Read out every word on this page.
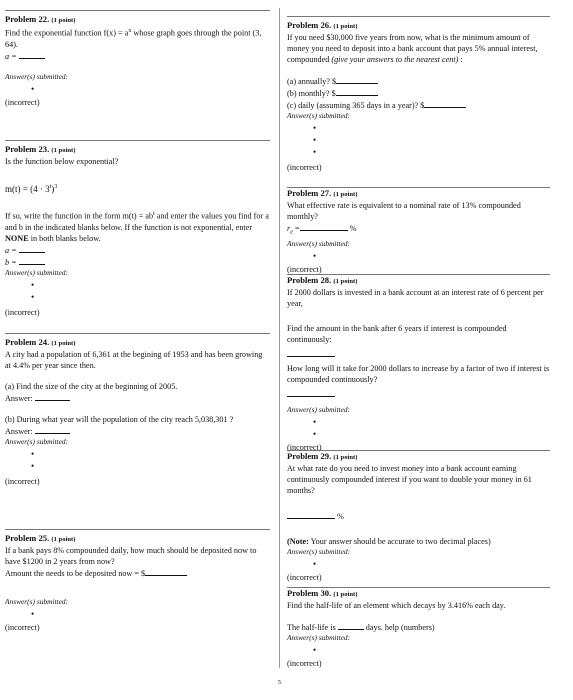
Problem 22. (1 point)

Find the exponential function $f(x) = a^x$ whose graph goes through the point (3, 64).

a =

Answer(s) submitted:

•

(incorrect)

Problem 23. (1 point)

Is the function below exponential?

$m(t) = (4 \cdot 3^t)^3$

If so, write the function in the form $m(t) = ab^t$ and enter the values you find for a and b in the indicated blanks below. If the function is not exponential, enter NONE in both blanks below.

a =

b =

Answer(s) submitted:

•

•

(incorrect)

Problem 24. (1 point)

A city had a population of 6,361 at the begining of 1953 and has been growing at 4.4% per year since then.

(a) Find the size of the city at the beginning of 2005.

Answer:

(b) During what year will the population of the city reach 5,038,301 ?

Answer:

Answer(s) submitted:

•

•

(incorrect)

Problem 25. (1 point)

If a bank pays 8% compounded daily, how much should be deposited now to have $1200 in 2 years from now?

Amount the needs to be deposited now = $

Answer(s) submitted:

•

(incorrect)

Problem 26. (1 point)

If you need $30,000 five years from now, what is the minimum amount of money you need to deposit into a bank account that pays 5% annual interest, compounded (give your answers to the nearest cent) :

(a) annually? $

(b) monthly? $

(c) daily (assuming 365 days in a year)? $

Answer(s) submitted:

•

•

•

(incorrect)

Problem 27. (1 point)

What effective rate is equivalent to a nominal rate of 13% compounded monthly?

$r_e$ =	%

Answer(s) submitted:

•

(incorrect)

Problem 28. (1 point)

If 2000 dollars is invested in a bank account at an interest rate of 6 percent per year,

Find the amount in the bank after 6 years if interest is compounded continuously:

How long will it take for 2000 dollars to increase by a factor of two if interest is compounded continuously?

Answer(s) submitted:

•

•

(incorrect)

Problem 29. (1 point)

At what rate do you need to invest money into a bank account earning continuously compounded interest if you want to double your money in 61 months?

%

(Note: Your answer should be accurate to two decimal places)

Answer(s) submitted:

•

(incorrect)

Problem 30. (1 point)

Find the half-life of an element which decays by 3.416% each day.

The half-life is	days. help (numbers)

Answer(s) submitted:

•

(incorrect)

5
